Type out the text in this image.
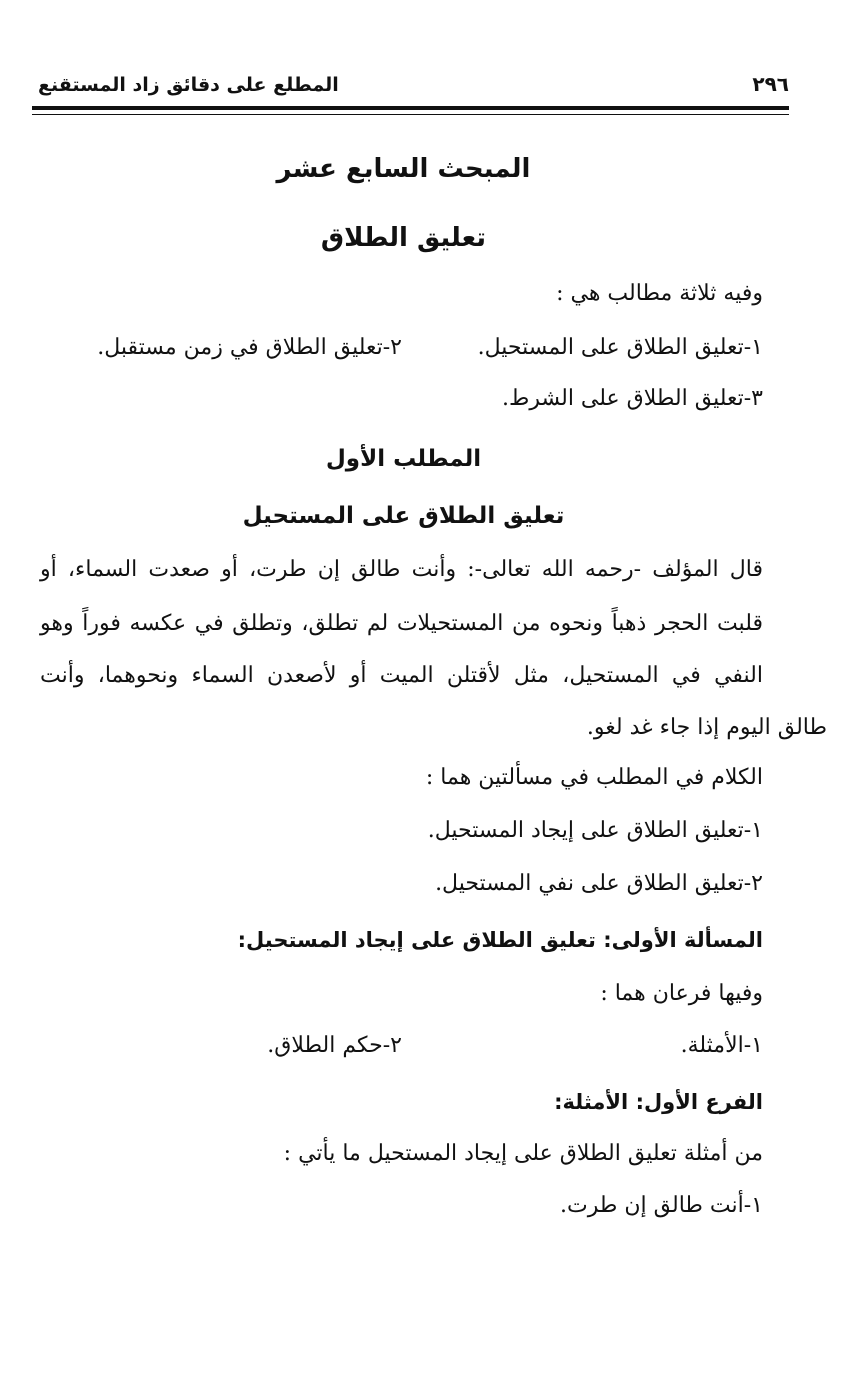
المطلع على دقائق زاد المستقنع	٢٩٦
المبحث السابع عشر
تعليق الطلاق
وفيه ثلاثة مطالب هي :
١-تعليق الطلاق على المستحيل.
٢-تعليق الطلاق في زمن مستقبل.
٣-تعليق الطلاق على الشرط.
المطلب الأول
تعليق الطلاق على المستحيل
قال المؤلف -رحمه الله تعالى-: وأنت طالق إن طرت، أو صعدت السماء، أو
قلبت الحجر ذهباً ونحوه من المستحيلات لم تطلق، وتطلق في عكسه فوراً وهو
النفي في المستحيل، مثل لأقتلن الميت أو لأصعدن السماء ونحوهما، وأنت
طالق اليوم إذا جاء غد لغو.
الكلام في المطلب في مسألتين هما :
١-تعليق الطلاق على إيجاد المستحيل.
٢-تعليق الطلاق على نفي المستحيل.
المسألة الأولى: تعليق الطلاق على إيجاد المستحيل:
وفيها فرعان هما :
١-الأمثلة.
٢-حكم الطلاق.
الفرع الأول: الأمثلة:
من أمثلة تعليق الطلاق على إيجاد المستحيل ما يأتي :
١-أنت طالق إن طرت.
